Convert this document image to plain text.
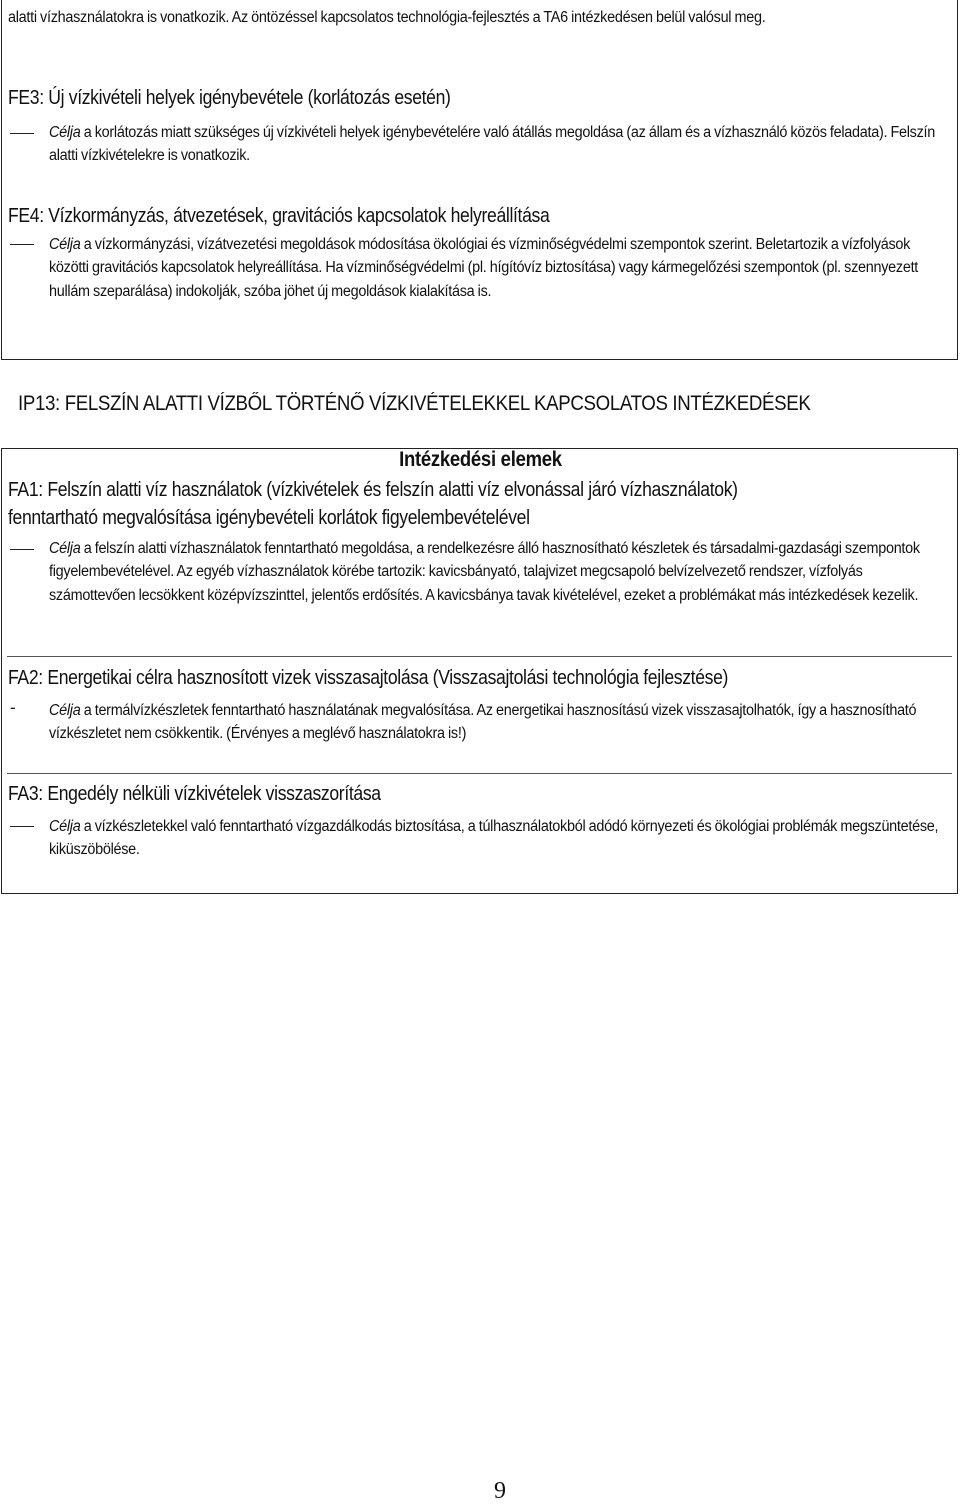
alatti vízhasználatokra is vonatkozik. Az öntözéssel kapcsolatos technológia-fejlesztés a TA6 intézkedésen belül valósul meg.

FE3: Új vízkivételi helyek igénybevétele (korlátozás esetén)

Célja a korlátozás miatt szükséges új vízkivételi helyek igénybevételére való átállás megoldása (az állam és a vízhasználó közös feladata). Felszín alatti vízkivételekre is vonatkozik.

FE4: Vízkormányzás, átvezetések, gravitációs kapcsolatok helyreállítása

Célja a vízkormányzási, vízátvezetési megoldások módosítása ökológiai és vízminőségvédelmi szempontok szerint. Beletartozik a vízfolyások közötti gravitációs kapcsolatok helyreállítása. Ha vízminőségvédelmi (pl. hígítóvíz biztosítása) vagy kármegelőzési szempontok (pl. szennyezett hullám szeparálása) indokolják, szóba jöhet új megoldások kialakítása is.

IP13: FELSZÍN ALATTI VÍZBŐL TÖRTÉNŐ VÍZKIVÉTELEKKEL KAPCSOLATOS INTÉZKEDÉSEK
Intézkedési elemek
FA1: Felszín alatti víz használatok (vízkivételek és felszín alatti víz elvonással járó vízhasználatok)
fenntartható megvalósítása igénybevételi korlátok figyelembevételével

Célja a felszín alatti vízhasználatok fenntartható megoldása, a rendelkezésre álló hasznosítható készletek és társadalmi-gazdasági szempontok figyelembevételével. Az egyéb vízhasználatok körébe tartozik: kavicsbányató, talajvizet megcsapoló belvízelvezető rendszer, vízfolyás számottevően lecsökkent középvízszinttel, jelentős erdősítés. A kavicsbánya tavak kivételével, ezeket a problémákat más intézkedések kezelik.

FA2: Energetikai célra hasznosított vizek visszasajtolása (Visszasajtolási technológia fejlesztése)
- Célja a termálvízkészletek fenntartható használatának megvalósítása. Az energetikai hasznosítású vizek visszasajtolhatók, így a hasznosítható vízkészletet nem csökkentik. (Érvényes a meglévő használatokra is!)

FA3: Engedély nélküli vízkivételek visszaszorítása

Célja a vízkészletekkel való fenntartható vízgazdálkodás biztosítása, a túlhasználatokból adódó környezeti és ökológiai problémák megszüntetése, kiküszöbölése.

9
